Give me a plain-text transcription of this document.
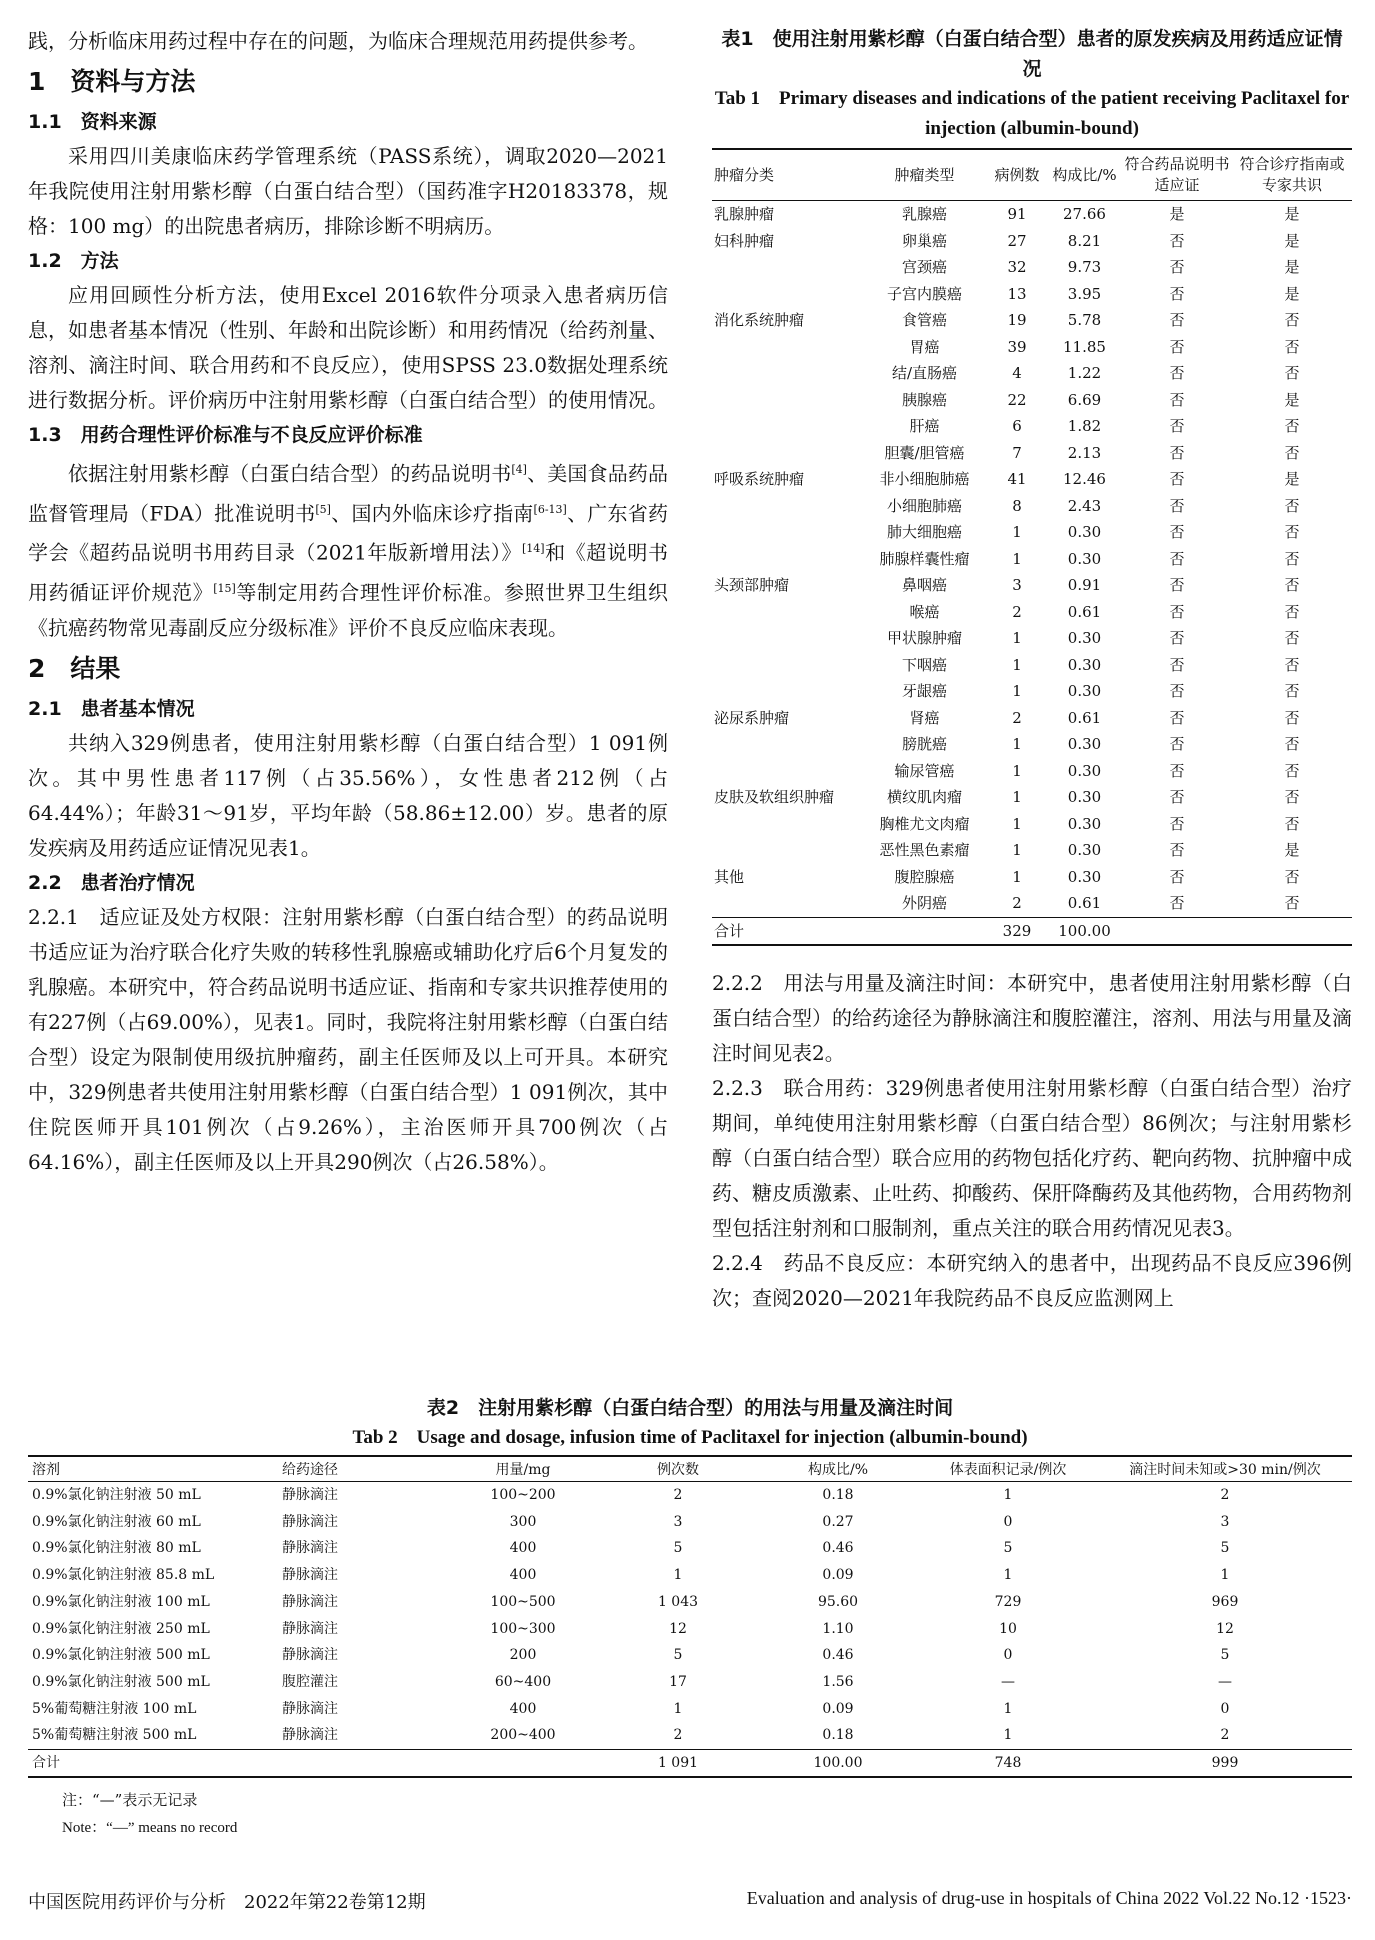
践，分析临床用药过程中存在的问题，为临床合理规范用药提供参考。

1　资料与方法
1.1　资料来源

采用四川美康临床药学管理系统（PASS系统），调取2020—2021年我院使用注射用紫杉醇（白蛋白结合型）（国药准字H20183378，规格：100 mg）的出院患者病历，排除诊断不明病历。

1.2　方法

应用回顾性分析方法，使用Excel 2016软件分项录入患者病历信息，如患者基本情况（性别、年龄和出院诊断）和用药情况（给药剂量、溶剂、滴注时间、联合用药和不良反应），使用SPSS 23.0数据处理系统进行数据分析。评价病历中注射用紫杉醇（白蛋白结合型）的使用情况。

1.3　用药合理性评价标准与不良反应评价标准

依据注射用紫杉醇（白蛋白结合型）的药品说明书[4]、美国食品药品监督管理局（FDA）批准说明书[5]、国内外临床诊疗指南[6-13]、广东省药学会《超药品说明书用药目录（2021年版新增用法）》[14]和《超说明书用药循证评价规范》[15]等制定用药合理性评价标准。参照世界卫生组织《抗癌药物常见毒副反应分级标准》评价不良反应临床表现。

2　结果
2.1　患者基本情况

共纳入329例患者，使用注射用紫杉醇（白蛋白结合型）1 091例次。其中男性患者117例（占35.56%），女性患者212例（占64.44%）；年龄31～91岁，平均年龄（58.86±12.00）岁。患者的原发疾病及用药适应证情况见表1。

2.2　患者治疗情况

2.2.1　适应证及处方权限：注射用紫杉醇（白蛋白结合型）的药品说明书适应证为治疗联合化疗失败的转移性乳腺癌或辅助化疗后6个月复发的乳腺癌。本研究中，符合药品说明书适应证、指南和专家共识推荐使用的有227例（占69.00%），见表1。同时，我院将注射用紫杉醇（白蛋白结合型）设定为限制使用级抗肿瘤药，副主任医师及以上可开具。本研究中，329例患者共使用注射用紫杉醇（白蛋白结合型）1 091例次，其中住院医师开具101例次（占9.26%），主治医师开具700例次（占64.16%），副主任医师及以上开具290例次（占26.58%）。

表1　使用注射用紫杉醇（白蛋白结合型）患者的原发疾病及用药适应证情况
Tab 1　Primary diseases and indications of the patient receiving Paclitaxel for injection (albumin-bound)
肿瘤分类	肿瘤类型	病例数	构成比/%	符合药品说明书适应证	符合诊疗指南或专家共识
乳腺肿瘤	乳腺癌	91	27.66	是	是
妇科肿瘤	卵巢癌	27	8.21	否	是
	宫颈癌	32	9.73	否	是
	子宫内膜癌	13	3.95	否	是
消化系统肿瘤	食管癌	19	5.78	否	否
	胃癌	39	11.85	否	否
	结/直肠癌	4	1.22	否	否
	胰腺癌	22	6.69	否	是
	肝癌	6	1.82	否	否
	胆囊/胆管癌	7	2.13	否	否
呼吸系统肿瘤	非小细胞肺癌	41	12.46	否	是
	小细胞肺癌	8	2.43	否	否
	肺大细胞癌	1	0.30	否	否
	肺腺样囊性瘤	1	0.30	否	否
头颈部肿瘤	鼻咽癌	3	0.91	否	否
	喉癌	2	0.61	否	否
	甲状腺肿瘤	1	0.30	否	否
	下咽癌	1	0.30	否	否
	牙龈癌	1	0.30	否	否
泌尿系肿瘤	肾癌	2	0.61	否	否
	膀胱癌	1	0.30	否	否
	输尿管癌	1	0.30	否	否
皮肤及软组织肿瘤	横纹肌肉瘤	1	0.30	否	否
	胸椎尤文肉瘤	1	0.30	否	否
	恶性黑色素瘤	1	0.30	否	是
其他	腹腔腺癌	1	0.30	否	否
	外阴癌	2	0.61	否	否
合计		329	100.00		

2.2.2　用法与用量及滴注时间：本研究中，患者使用注射用紫杉醇（白蛋白结合型）的给药途径为静脉滴注和腹腔灌注，溶剂、用法与用量及滴注时间见表2。

2.2.3　联合用药：329例患者使用注射用紫杉醇（白蛋白结合型）治疗期间，单纯使用注射用紫杉醇（白蛋白结合型）86例次；与注射用紫杉醇（白蛋白结合型）联合应用的药物包括化疗药、靶向药物、抗肿瘤中成药、糖皮质激素、止吐药、抑酸药、保肝降酶药及其他药物，合用药物剂型包括注射剂和口服制剂，重点关注的联合用药情况见表3。

2.2.4　药品不良反应：本研究纳入的患者中，出现药品不良反应396例次；查阅2020—2021年我院药品不良反应监测网上

表2　注射用紫杉醇（白蛋白结合型）的用法与用量及滴注时间
Tab 2　Usage and dosage, infusion time of Paclitaxel for injection (albumin-bound)
溶剂	给药途径	用量/mg	例次数	构成比/%	体表面积记录/例次	滴注时间未知或>30 min/例次
0.9%氯化钠注射液 50 mL	静脉滴注	100~200	2	0.18	1	2
0.9%氯化钠注射液 60 mL	静脉滴注	300	3	0.27	0	3
0.9%氯化钠注射液 80 mL	静脉滴注	400	5	0.46	5	5
0.9%氯化钠注射液 85.8 mL	静脉滴注	400	1	0.09	1	1
0.9%氯化钠注射液 100 mL	静脉滴注	100~500	1 043	95.60	729	969
0.9%氯化钠注射液 250 mL	静脉滴注	100~300	12	1.10	10	12
0.9%氯化钠注射液 500 mL	静脉滴注	200	5	0.46	0	5
0.9%氯化钠注射液 500 mL	腹腔灌注	60~400	17	1.56	—	—
5%葡萄糖注射液 100 mL	静脉滴注	400	1	0.09	1	0
5%葡萄糖注射液 500 mL	静脉滴注	200~400	2	0.18	1	2
合计			1 091	100.00	748	999
注：“—”表示无记录
Note：“—” means no record
中国医院用药评价与分析　2022年第22卷第12期	Evaluation and analysis of drug-use in hospitals of China 2022 Vol.22 No.12 ·1523·
